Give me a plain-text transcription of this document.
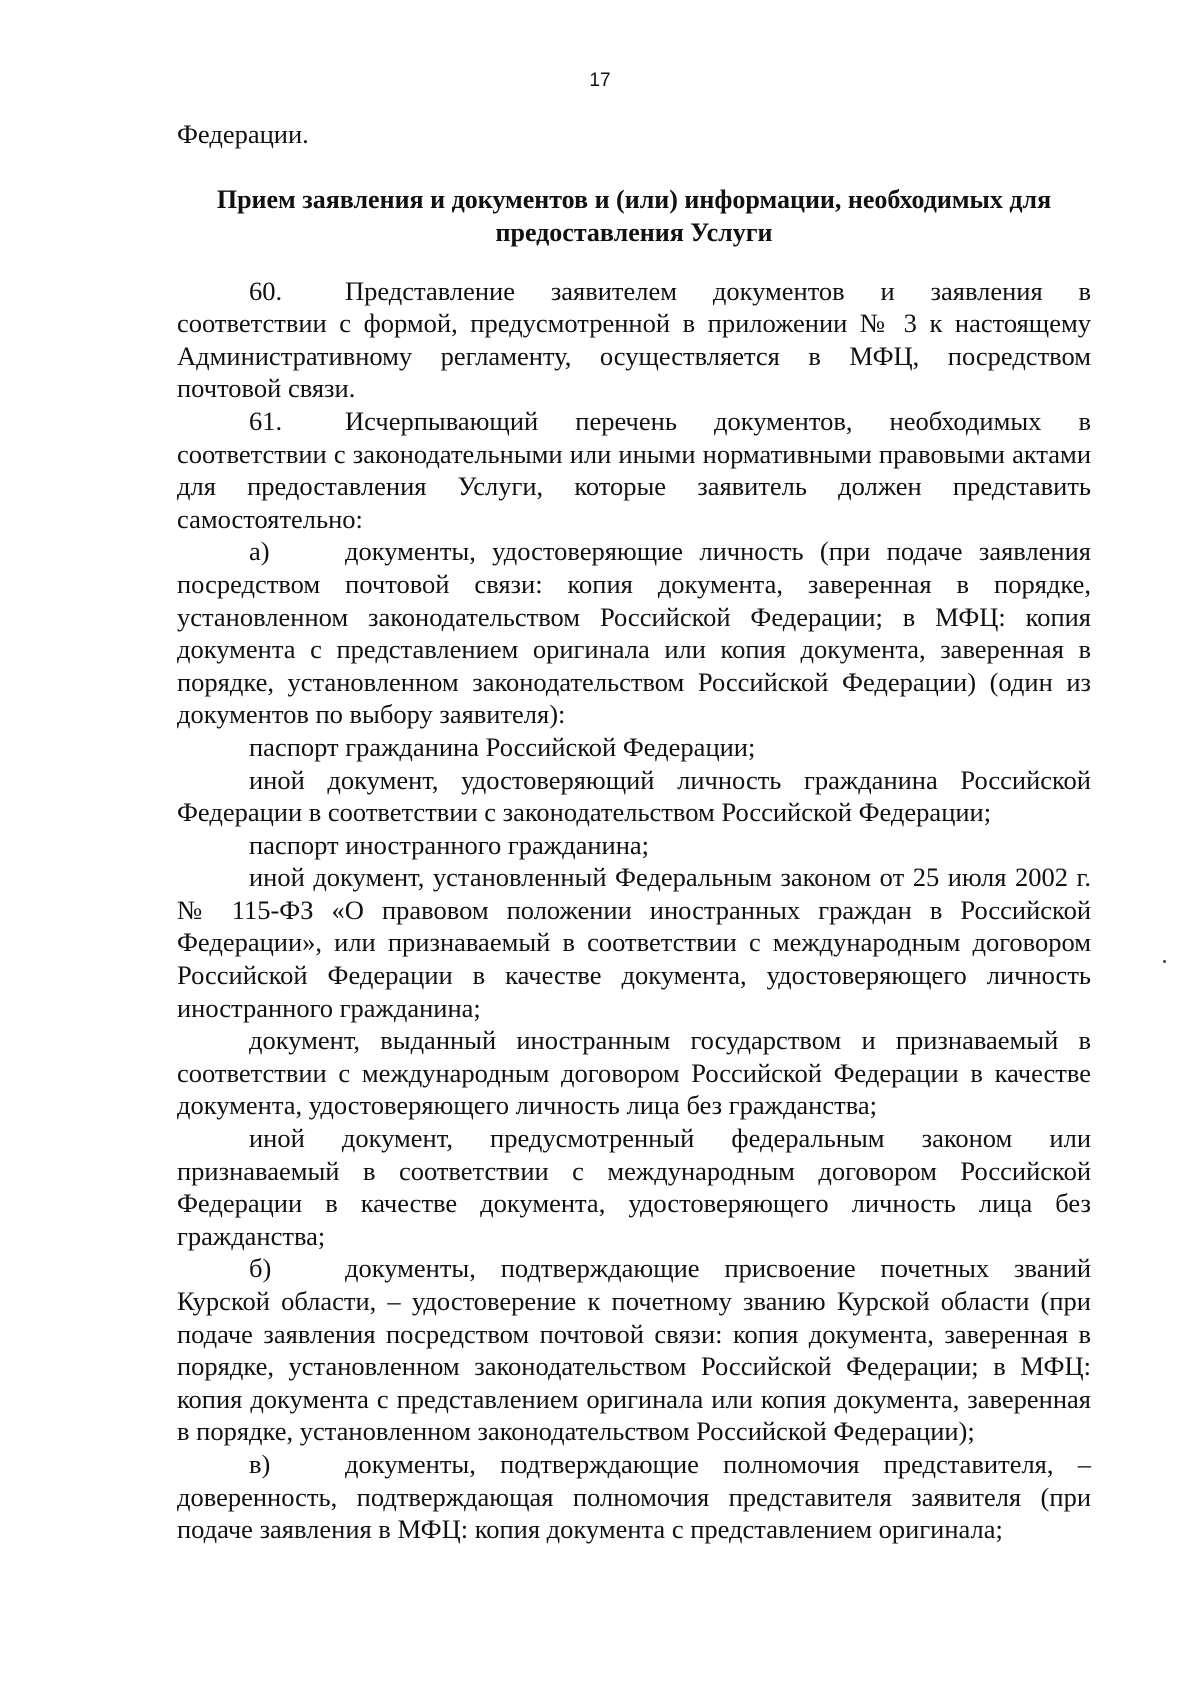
17

Федерации.

Прием заявления и документов и (или) информации, необходимых для
предоставления Услуги

60. Представление заявителем документов и заявления в соответствии с формой, предусмотренной в приложении № 3 к настоящему Административному регламенту, осуществляется в МФЦ, посредством почтовой связи.

61. Исчерпывающий перечень документов, необходимых в соответствии с законодательными или иными нормативными правовыми актами для предоставления Услуги, которые заявитель должен представить самостоятельно:

а)	документы, удостоверяющие личность (при подаче заявления посредством почтовой связи: копия документа, заверенная в порядке, установленном законодательством Российской Федерации; в МФЦ: копия документа с представлением оригинала или копия документа, заверенная в порядке, установленном законодательством Российской Федерации) (один из документов по выбору заявителя):

паспорт гражданина Российской Федерации;

иной документ, удостоверяющий личность гражданина Российской Федерации в соответствии с законодательством Российской Федерации;

паспорт иностранного гражданина;

иной документ, установленный Федеральным законом от 25 июля 2002 г. № 115-ФЗ «О правовом положении иностранных граждан в Российской Федерации», или признаваемый в соответствии с международным договором Российской Федерации в качестве документа, удостоверяющего личность иностранного гражданина;

документ, выданный иностранным государством и признаваемый в соответствии с международным договором Российской Федерации в качестве документа, удостоверяющего личность лица без гражданства;

иной документ, предусмотренный федеральным законом или признаваемый в соответствии с международным договором Российской Федерации в качестве документа, удостоверяющего личность лица без гражданства;

б)	документы, подтверждающие присвоение почетных званий Курской области, – удостоверение к почетному званию Курской области (при подаче заявления посредством почтовой связи: копия документа, заверенная в порядке, установленном законодательством Российской Федерации; в МФЦ: копия документа с представлением оригинала или копия документа, заверенная в порядке, установленном законодательством Российской Федерации);

в)	документы, подтверждающие полномочия представителя, – доверенность, подтверждающая полномочия представителя заявителя (при подаче заявления в МФЦ: копия документа с представлением оригинала;
